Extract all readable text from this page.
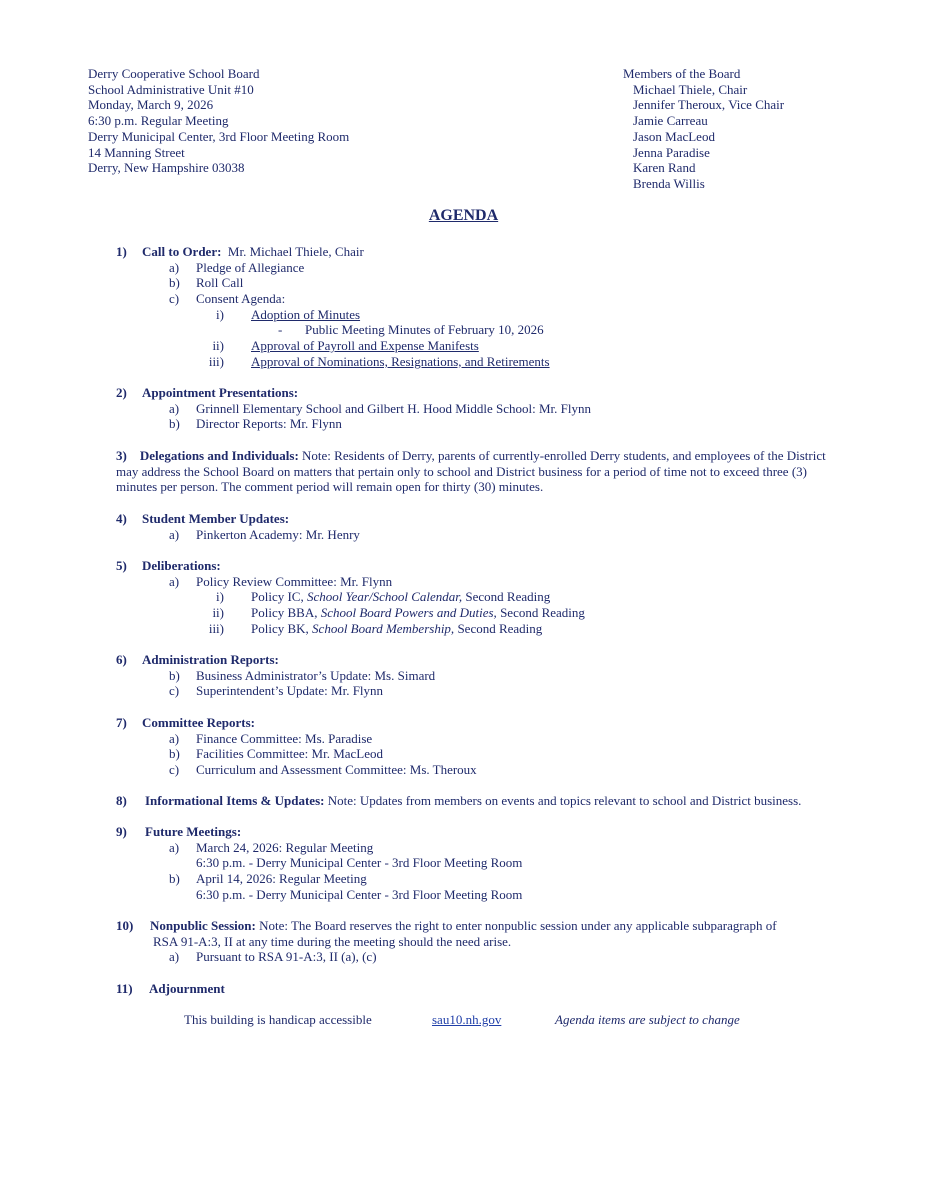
Derry Cooperative School Board
School Administrative Unit #10
Monday, March 9, 2026
6:30 p.m. Regular Meeting
Derry Municipal Center, 3rd Floor Meeting Room
14 Manning Street
Derry, New Hampshire 03038
Members of the Board
Michael Thiele, Chair
Jennifer Theroux, Vice Chair
Jamie Carreau
Jason MacLeod
Jenna Paradise
Karen Rand
Brenda Willis
AGENDA
1) Call to Order: Mr. Michael Thiele, Chair
a) Pledge of Allegiance
b) Roll Call
c) Consent Agenda:
i) Adoption of Minutes
- Public Meeting Minutes of February 10, 2026
ii) Approval of Payroll and Expense Manifests
iii) Approval of Nominations, Resignations, and Retirements
2) Appointment Presentations:
a) Grinnell Elementary School and Gilbert H. Hood Middle School: Mr. Flynn
b) Director Reports: Mr. Flynn
3) Delegations and Individuals: Note: Residents of Derry, parents of currently-enrolled Derry students, and employees of the District may address the School Board on matters that pertain only to school and District business for a period of time not to exceed three (3) minutes per person. The comment period will remain open for thirty (30) minutes.
4) Student Member Updates:
a) Pinkerton Academy: Mr. Henry
5) Deliberations:
a) Policy Review Committee: Mr. Flynn
i) Policy IC, School Year/School Calendar, Second Reading
ii) Policy BBA, School Board Powers and Duties, Second Reading
iii) Policy BK, School Board Membership, Second Reading
6) Administration Reports:
b) Business Administrator’s Update: Ms. Simard
c) Superintendent’s Update: Mr. Flynn
7) Committee Reports:
a) Finance Committee: Ms. Paradise
b) Facilities Committee: Mr. MacLeod
c) Curriculum and Assessment Committee: Ms. Theroux
8) Informational Items & Updates: Note: Updates from members on events and topics relevant to school and District business.
9) Future Meetings:
a) March 24, 2026: Regular Meeting
6:30 p.m. - Derry Municipal Center - 3rd Floor Meeting Room
b) April 14, 2026: Regular Meeting
6:30 p.m. - Derry Municipal Center - 3rd Floor Meeting Room
10) Nonpublic Session: Note: The Board reserves the right to enter nonpublic session under any applicable subparagraph of
RSA 91-A:3, II at any time during the meeting should the need arise.
a) Pursuant to RSA 91-A:3, II (a), (c)
11) Adjournment
This building is handicap accessible	sau10.nh.gov	Agenda items are subject to change
